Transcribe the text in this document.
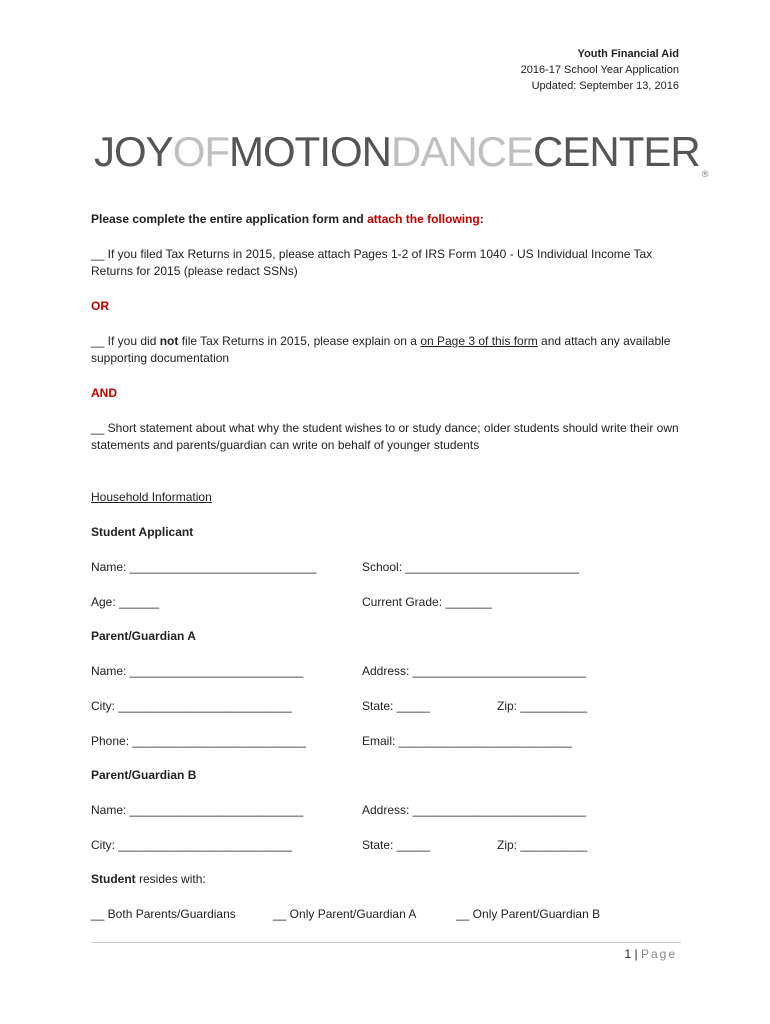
Youth Financial Aid
2016-17 School Year Application
Updated: September 13, 2016
JOYOFMOTIONDANCECENTER ®
Please complete the entire application form and attach the following:
__ If you filed Tax Returns in 2015, please attach Pages 1-2 of IRS Form 1040 - US Individual Income Tax Returns for 2015 (please redact SSNs)
OR
__ If you did not file Tax Returns in 2015, please explain on a on Page 3 of this form and attach any available supporting documentation
AND
__ Short statement about what why the student wishes to or study dance; older students should write their own statements and parents/guardian can write on behalf of younger students
Household Information
Student Applicant
Name: ____________________________	School: __________________________
Age: ______	Current Grade: _______
Parent/Guardian A
Name: __________________________	Address: __________________________
City: __________________________	State: _____	Zip: __________
Phone: __________________________	Email: __________________________
Parent/Guardian B
Name: __________________________	Address: __________________________
City: __________________________	State: _____	Zip: __________
Student resides with:
__ Both Parents/Guardians	__ Only Parent/Guardian A	__ Only Parent/Guardian B
1 | Page
